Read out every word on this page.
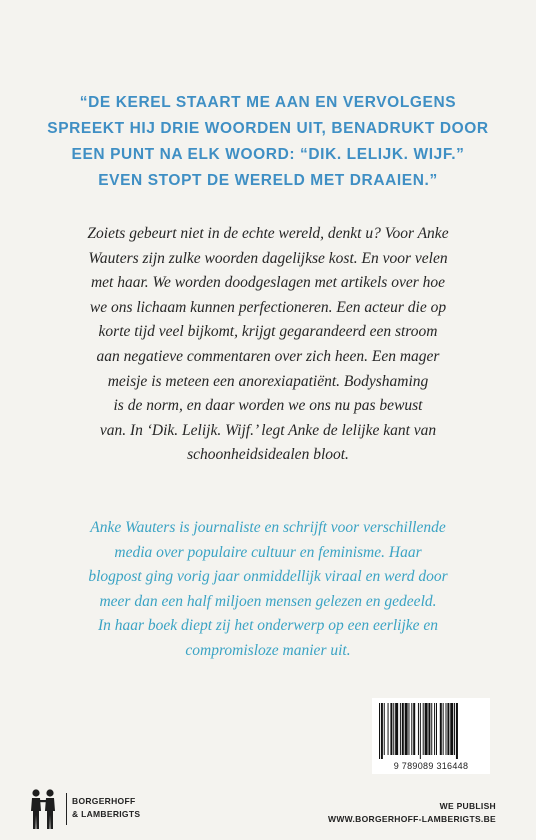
“DE KEREL STAART ME AAN EN VERVOLGENS
SPREEKT HIJ DRIE WOORDEN UIT, BENADRUKT DOOR
EEN PUNT NA ELK WOORD: “DIK. LELIJK. WIJF.”
EVEN STOPT DE WERELD MET DRAAIEN.”
Zoiets gebeurt niet in de echte wereld, denkt u? Voor Anke
Wauters zijn zulke woorden dagelijkse kost. En voor velen
met haar. We worden doodgeslagen met artikels over hoe
we ons lichaam kunnen perfectioneren. Een acteur die op
korte tijd veel bijkomt, krijgt gegarandeerd een stroom
aan negatieve commentaren over zich heen. Een mager
meisje is meteen een anorexiapatiënt. Bodyshaming
is de norm, en daar worden we ons nu pas bewust
van. In ‘Dik. Lelijk. Wijf.’ legt Anke de lelijke kant van
schoonheidsidealen bloot.
Anke Wauters is journaliste en schrijft voor verschillende
media over populaire cultuur en feminisme. Haar
blogpost ging vorig jaar onmiddellijk viraal en werd door
meer dan een half miljoen mensen gelezen en gedeeld.
In haar boek diept zij het onderwerp op een eerlijke en
compromisloze manier uit.
9 789089 316448
BORGERHOFF
& LAMBERIGTS
WE PUBLISH
WWW.BORGERHOFF-LAMBERIGTS.BE
